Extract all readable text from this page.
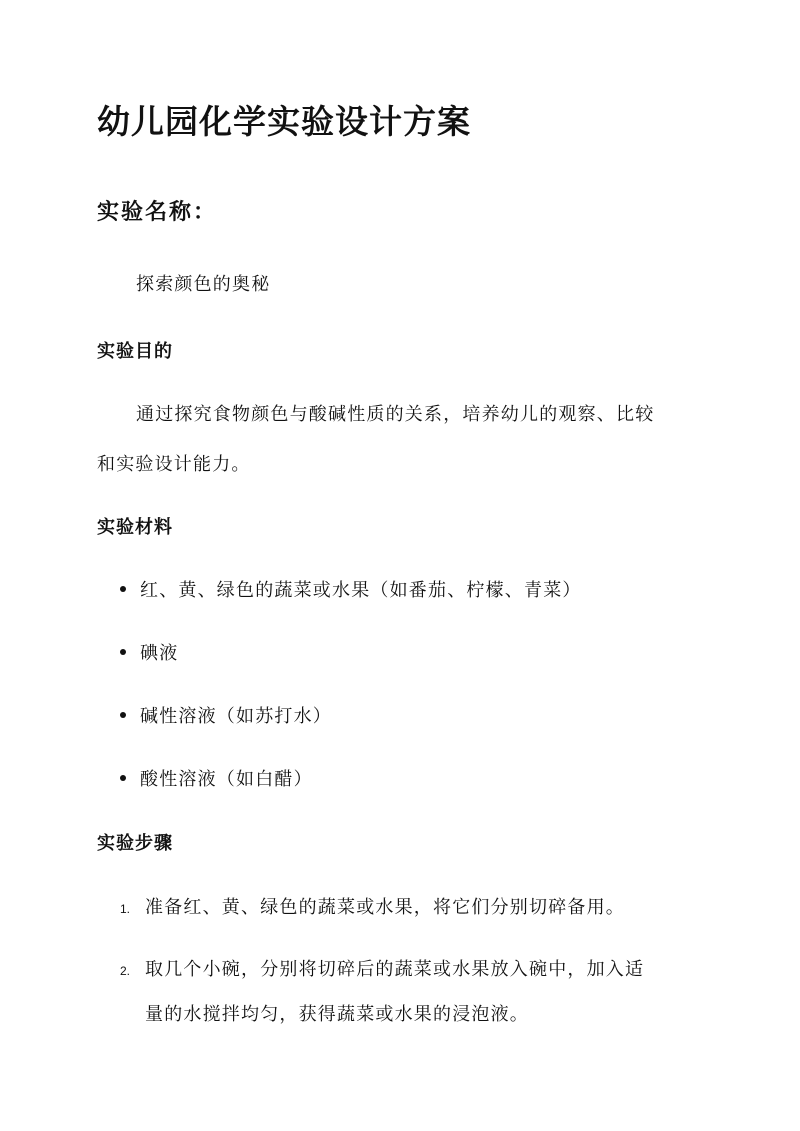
幼儿园化学实验设计方案
实验名称：
探索颜色的奥秘
实验目的
通过探究食物颜色与酸碱性质的关系，培养幼儿的观察、比较
和实验设计能力。
实验材料
红、黄、绿色的蔬菜或水果（如番茄、柠檬、青菜）
碘液
碱性溶液（如苏打水）
酸性溶液（如白醋）
实验步骤
1. 准备红、黄、绿色的蔬菜或水果，将它们分别切碎备用。
2. 取几个小碗，分别将切碎后的蔬菜或水果放入碗中，加入适
量的水搅拌均匀，获得蔬菜或水果的浸泡液。
